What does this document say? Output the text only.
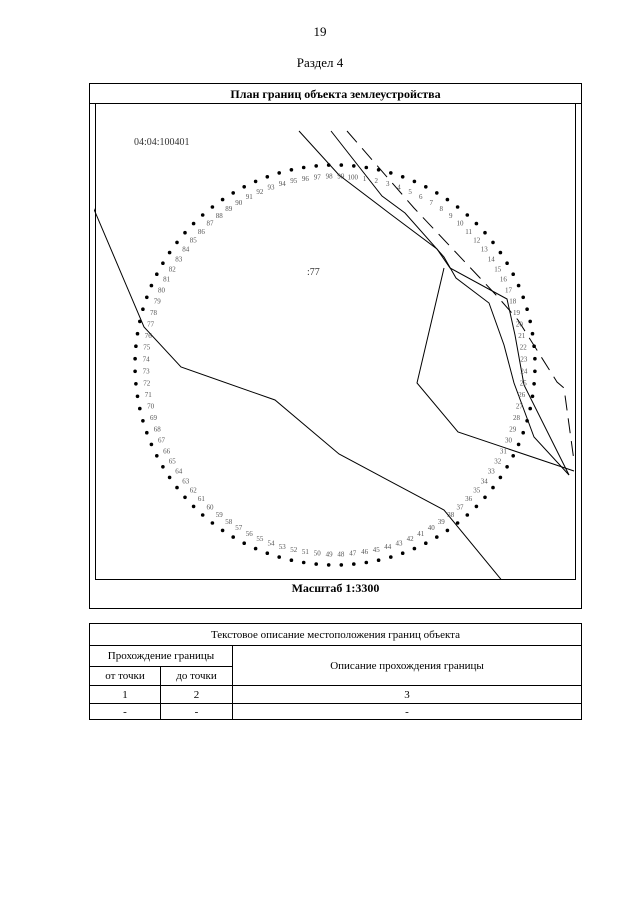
19
Раздел 4
План границ объекта землеустройства
Масштаб 1:3300
1 2 3 4
5
6
7
8
9
10
11
12
13
14
15
16
17
18
19
20
21
22
23
24
25
26
27
28
29
30
31
32
33
34
35
36
37
38
39
40
41
42
43
44
45
46
47
48
49
50
51
52
53
54
55
56
57
58
59
60
61
62
63
64
65
66
67
68
69
70
71
72
73
74
75
76
77
78
79
80
81
82
83
84
85
86
87
88
89
90
91
92
93 94 95 96 97 98 99 100
04:04:100401
:77
Текстовое описание местоположения границ объекта		
Прохождение границы		Описание прохождения границы
от точки	до точки	
1	2	3
-	-	-
